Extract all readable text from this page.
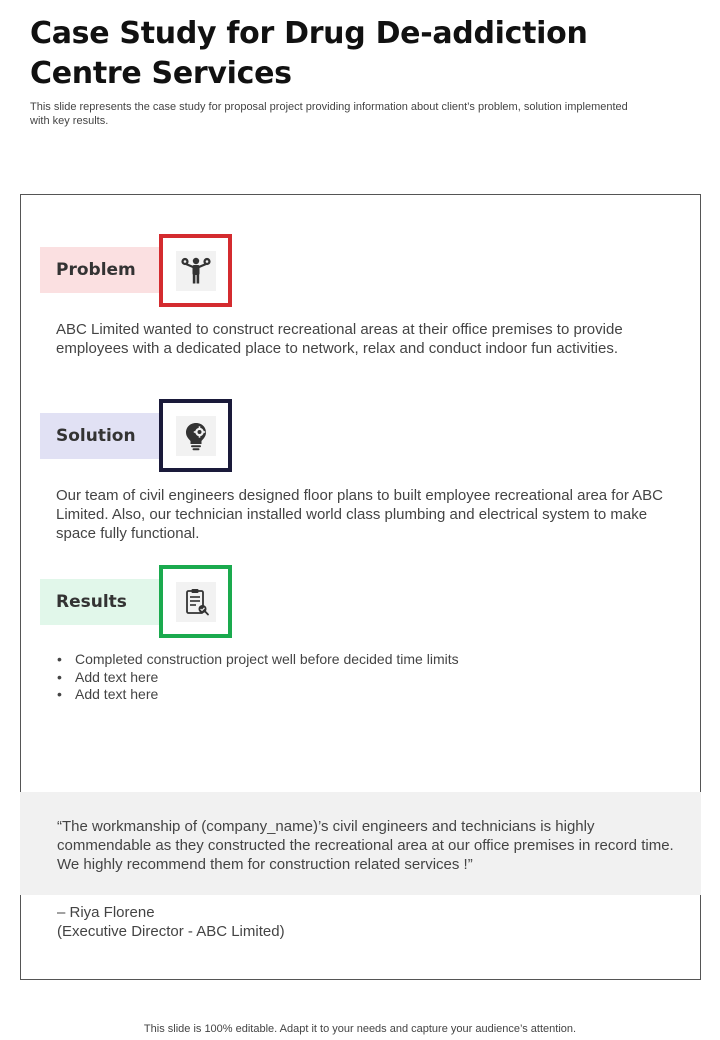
Case Study for Drug De-addiction Centre Services
This slide represents the case study for proposal project providing information about client’s problem, solution implemented with key results.
Problem
ABC Limited wanted to construct recreational areas at their office premises to provide employees with a dedicated place to network, relax and conduct indoor fun activities.
Solution
Our team of civil engineers designed floor plans to built employee recreational area for ABC Limited. Also, our technician installed world class plumbing and electrical system to make space fully functional.
Results
• Completed construction project well before decided time limits
• Add text here
• Add text here
“The workmanship of (company_name)’s civil engineers and technicians is highly commendable as they constructed the recreational area at our office premises in record time. We highly recommend them for construction related services !”
– Riya Florene
(Executive Director - ABC Limited)
This slide is 100% editable. Adapt it to your needs and capture your audience’s attention.
